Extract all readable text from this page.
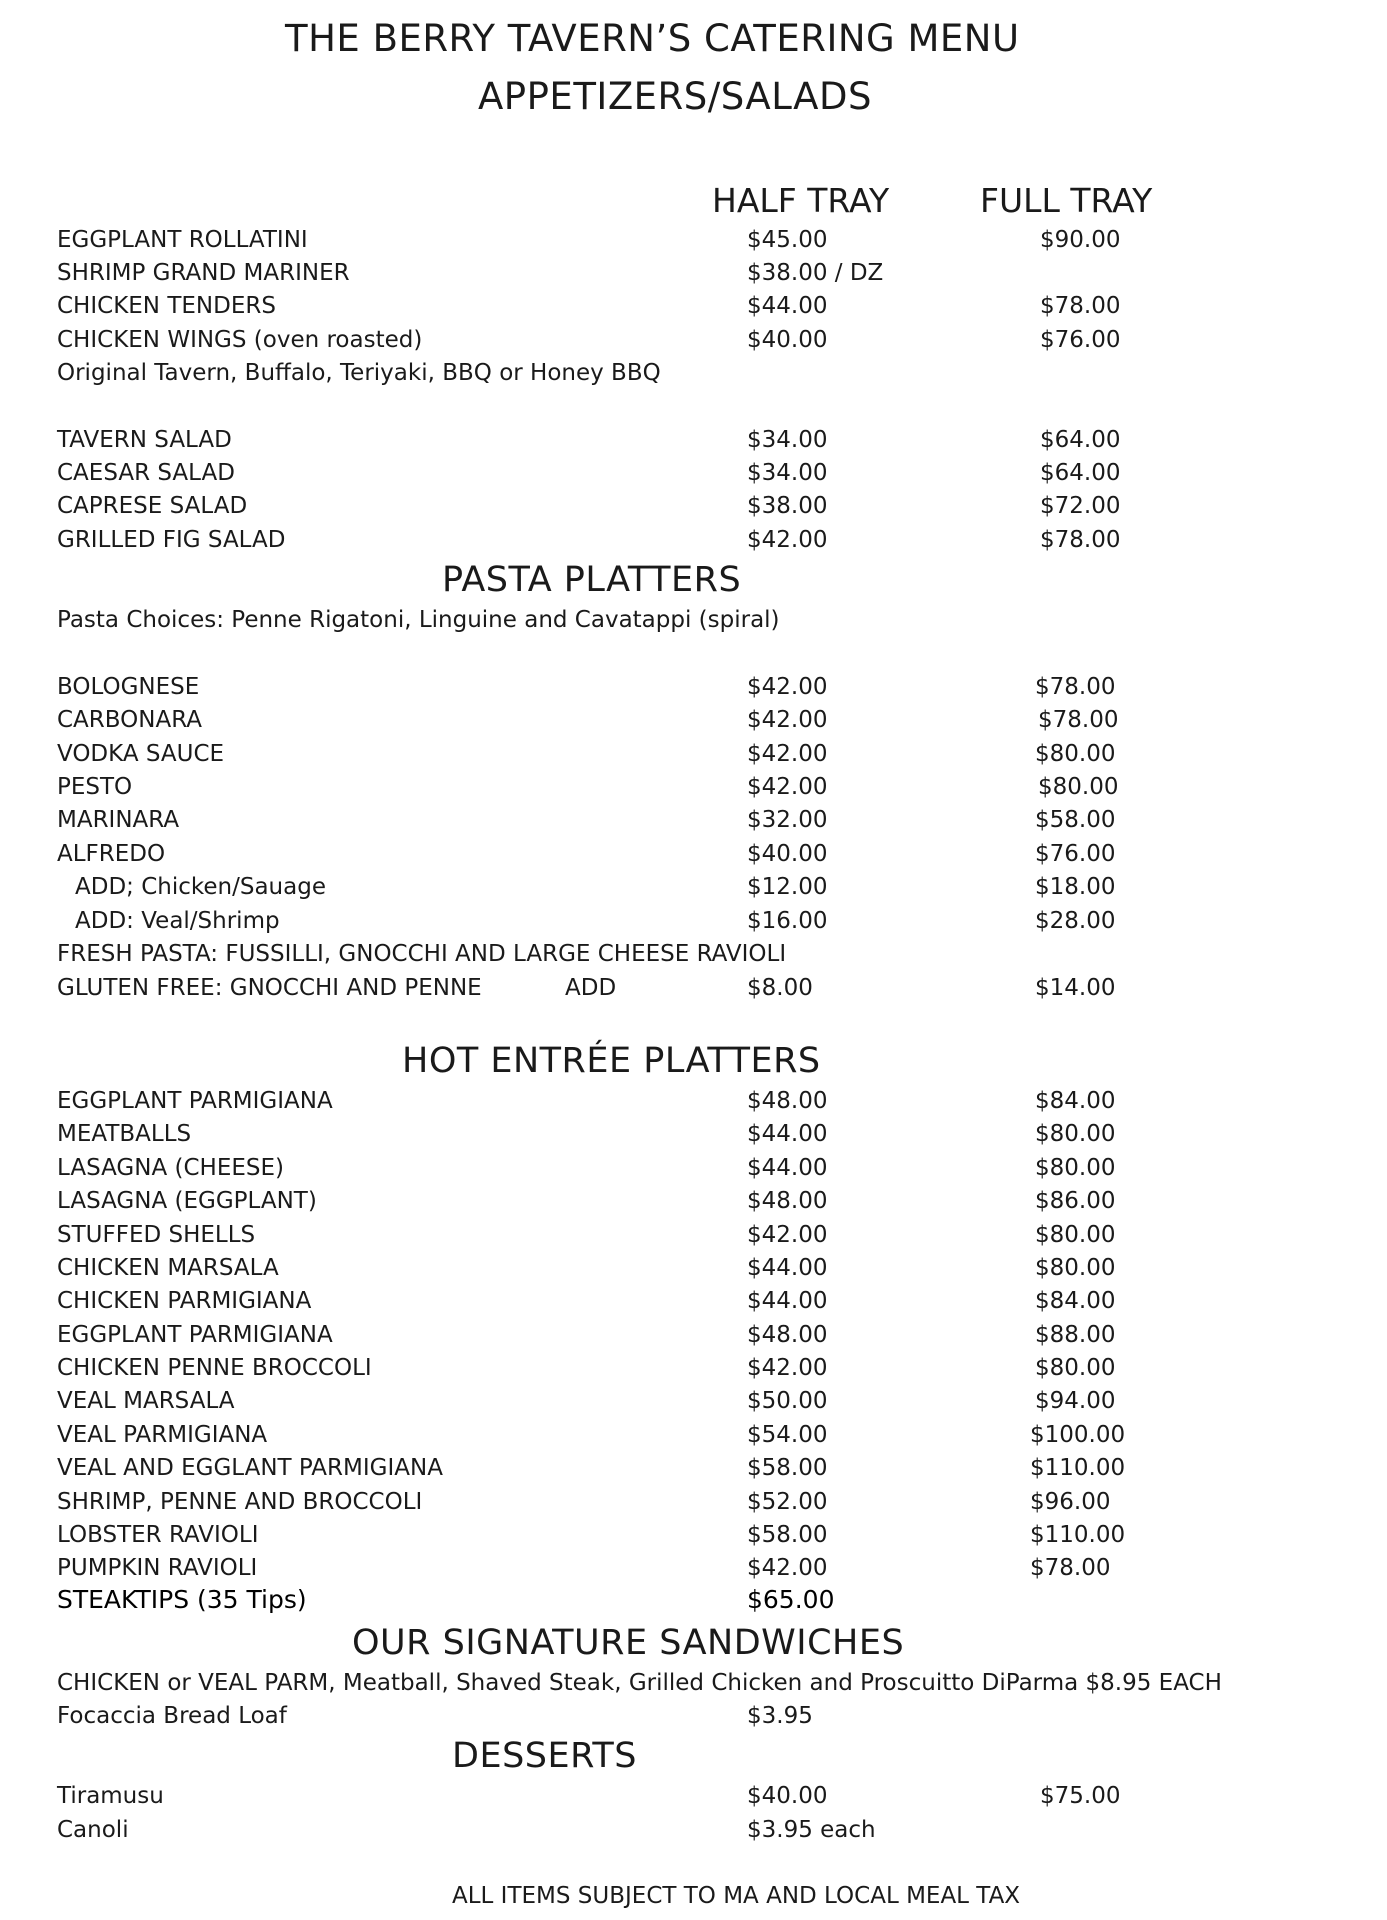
THE BERRY TAVERN’S CATERING MENU
APPETIZERS/SALADS
HALF TRAY	FULL TRAY
EGGPLANT ROLLATINI	$45.00	$90.00
SHRIMP GRAND MARINER	$38.00 / DZ
CHICKEN TENDERS	$44.00	$78.00
CHICKEN WINGS (oven roasted)	$40.00	$76.00
Original Tavern, Buffalo, Teriyaki, BBQ or Honey BBQ
TAVERN SALAD	$34.00	$64.00
CAESAR SALAD	$34.00	$64.00
CAPRESE SALAD	$38.00	$72.00
GRILLED FIG SALAD	$42.00	$78.00
PASTA PLATTERS
Pasta Choices: Penne Rigatoni, Linguine and Cavatappi (spiral)
BOLOGNESE	$42.00	$78.00
CARBONARA	$42.00	$78.00
VODKA SAUCE	$42.00	$80.00
PESTO	$42.00	$80.00
MARINARA	$32.00	$58.00
ALFREDO	$40.00	$76.00
ADD; Chicken/Sauage	$12.00	$18.00
ADD: Veal/Shrimp	$16.00	$28.00
FRESH PASTA: FUSSILLI, GNOCCHI AND LARGE CHEESE RAVIOLI
GLUTEN FREE: GNOCCHI AND PENNE	ADD	$8.00	$14.00
HOT ENTRÉE PLATTERS
EGGPLANT PARMIGIANA	$48.00	$84.00
MEATBALLS	$44.00	$80.00
LASAGNA (CHEESE)	$44.00	$80.00
LASAGNA (EGGPLANT)	$48.00	$86.00
STUFFED SHELLS	$42.00	$80.00
CHICKEN MARSALA	$44.00	$80.00
CHICKEN PARMIGIANA	$44.00	$84.00
EGGPLANT PARMIGIANA	$48.00	$88.00
CHICKEN PENNE BROCCOLI	$42.00	$80.00
VEAL MARSALA	$50.00	$94.00
VEAL PARMIGIANA	$54.00	$100.00
VEAL AND EGGLANT PARMIGIANA	$58.00	$110.00
SHRIMP, PENNE AND BROCCOLI	$52.00	$96.00
LOBSTER RAVIOLI	$58.00	$110.00
PUMPKIN RAVIOLI	$42.00	$78.00
STEAKTIPS (35 Tips)	$65.00
OUR SIGNATURE SANDWICHES
CHICKEN or VEAL PARM, Meatball, Shaved Steak, Grilled Chicken and Proscuitto DiParma $8.95 EACH
Focaccia Bread Loaf	$3.95
DESSERTS
Tiramusu	$40.00	$75.00
Canoli	$3.95 each
ALL ITEMS SUBJECT TO MA AND LOCAL MEAL TAX
